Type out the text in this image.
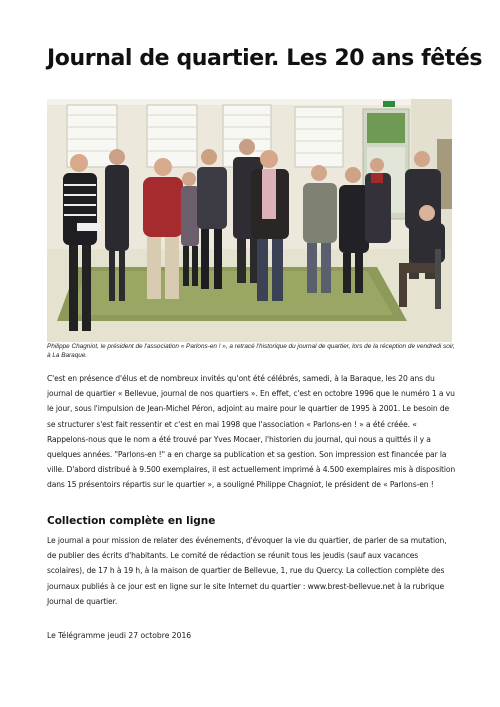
Journal de quartier. Les 20 ans fêtés
Philippe Chagniot, le président de l'association « Parlons-en ! », a retracé l'historique du journal de quartier, lors de la réception de vendredi soir, à La Baraque.

C'est en présence d'élus et de nombreux invités qu'ont été célébrés, samedi, à la Baraque, les 20 ans du journal de quartier « Bellevue, journal de nos quartiers ». En effet, c'est en octobre 1996 que le numéro 1 a vu le jour, sous l'impulsion de Jean-Michel Péron, adjoint au maire pour le quartier de 1995 à 2001. Le besoin de se structurer s'est fait ressentir et c'est en mai 1998 que l'association « Parlons-en ! » a été créée. « Rappelons-nous que le nom a été trouvé par Yves Mocaer, l'historien du journal, qui nous a quittés il y a quelques années. "Parlons-en !" a en charge sa publication et sa gestion. Son impression est financée par la ville. D'abord distribué à 9.500 exemplaires, il est actuellement imprimé à 4.500 exemplaires mis à disposition dans 15 présentoirs répartis sur le quartier », a souligné Philippe Chagniot, le président de « Parlons-en !

Collection complète en ligne

Le journal a pour mission de relater des événements, d'évoquer la vie du quartier, de parler de sa mutation, de publier des écrits d'habitants. Le comité de rédaction se réunit tous les jeudis (sauf aux vacances scolaires), de 17 h à 19 h, à la maison de quartier de Bellevue, 1, rue du Quercy. La collection complète des journaux publiés à ce jour est en ligne sur le site Internet du quartier : www.brest-bellevue.net à la rubrique Journal de quartier.

Le Télégramme jeudi 27 octobre 2016
